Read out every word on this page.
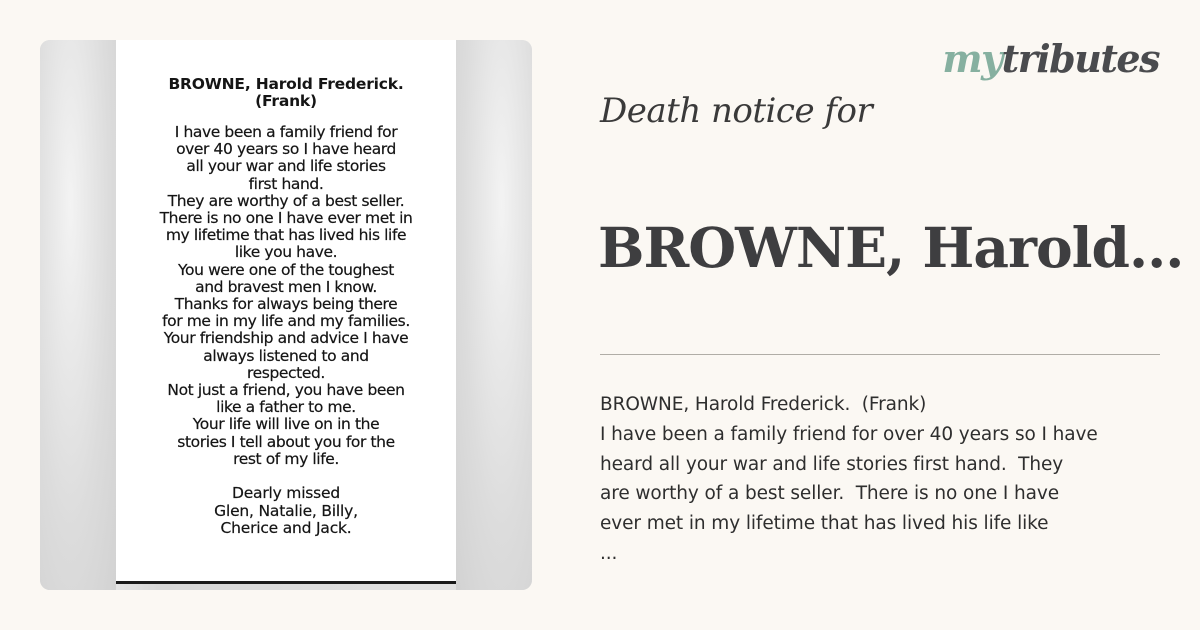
BROWNE, Harold Frederick.
(Frank)
I have been a family friend for
over 40 years so I have heard
all your war and life stories
first hand.
They are worthy of a best seller.
There is no one I have ever met in
my lifetime that has lived his life
like you have.
You were one of the toughest
and bravest men I know.
Thanks for always being there
for me in my life and my families.
Your friendship and advice I have
always listened to and
respected.
Not just a friend, you have been
like a father to me.
Your life will live on in the
stories I tell about you for the
rest of my life.
Dearly missed
Glen, Natalie, Billy,
Cherice and Jack.
mytributes
Death notice for
BROWNE, Harold...
BROWNE, Harold Frederick.  (Frank)
I have been a family friend for over 40 years so I have
heard all your war and life stories first hand.  They
are worthy of a best seller.  There is no one I have
ever met in my lifetime that has lived his life like
...
